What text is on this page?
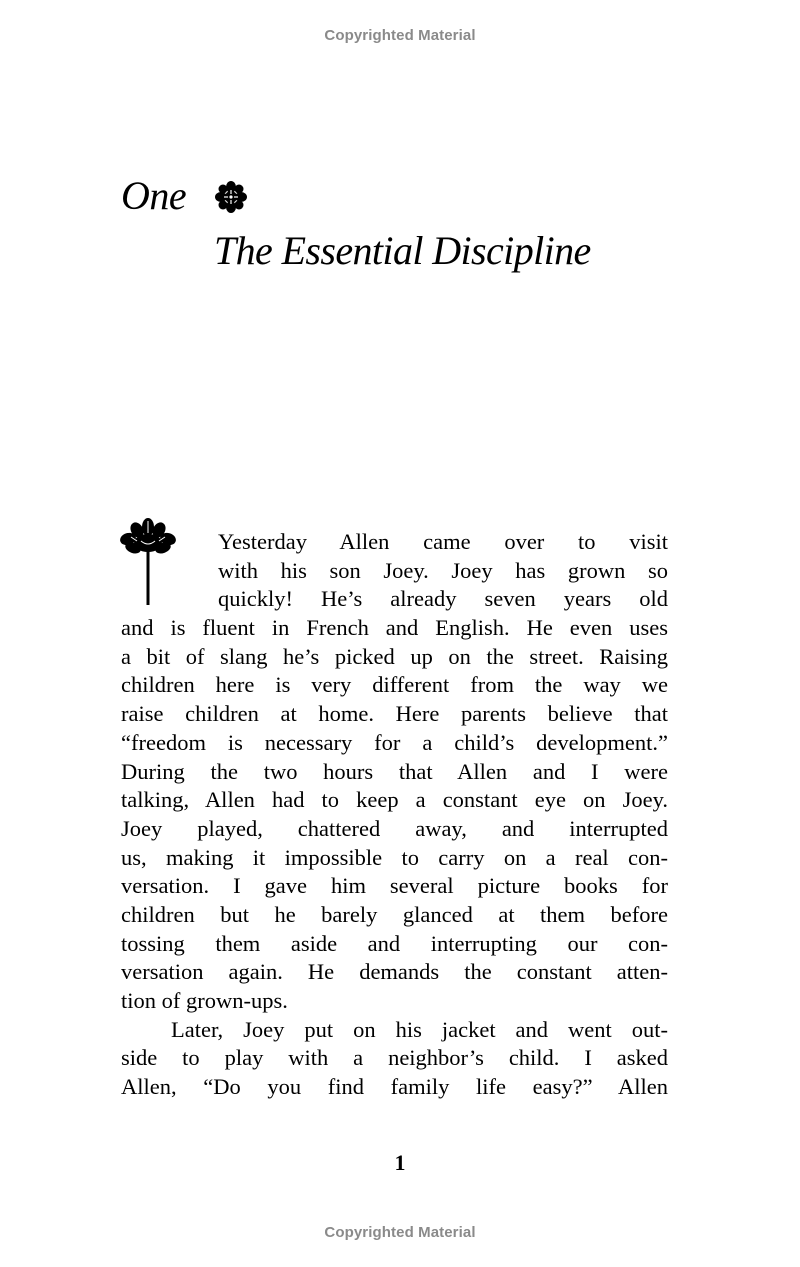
Copyrighted Material
One
The Essential Discipline
Yesterday Allen came over to visit
with his son Joey. Joey has grown so
quickly! He’s already seven years old
and is fluent in French and English. He even uses
a bit of slang he’s picked up on the street. Raising
children here is very different from the way we
raise children at home. Here parents believe that
“freedom is necessary for a child’s development.”
During the two hours that Allen and I were
talking, Allen had to keep a constant eye on Joey.
Joey played, chattered away, and interrupted
us, making it impossible to carry on a real con-
versation. I gave him several picture books for
children but he barely glanced at them before
tossing them aside and interrupting our con-
versation again. He demands the constant atten-
tion of grown-ups.
Later, Joey put on his jacket and went out-
side to play with a neighbor’s child. I asked
Allen, “Do you find family life easy?” Allen
1
Copyrighted Material
